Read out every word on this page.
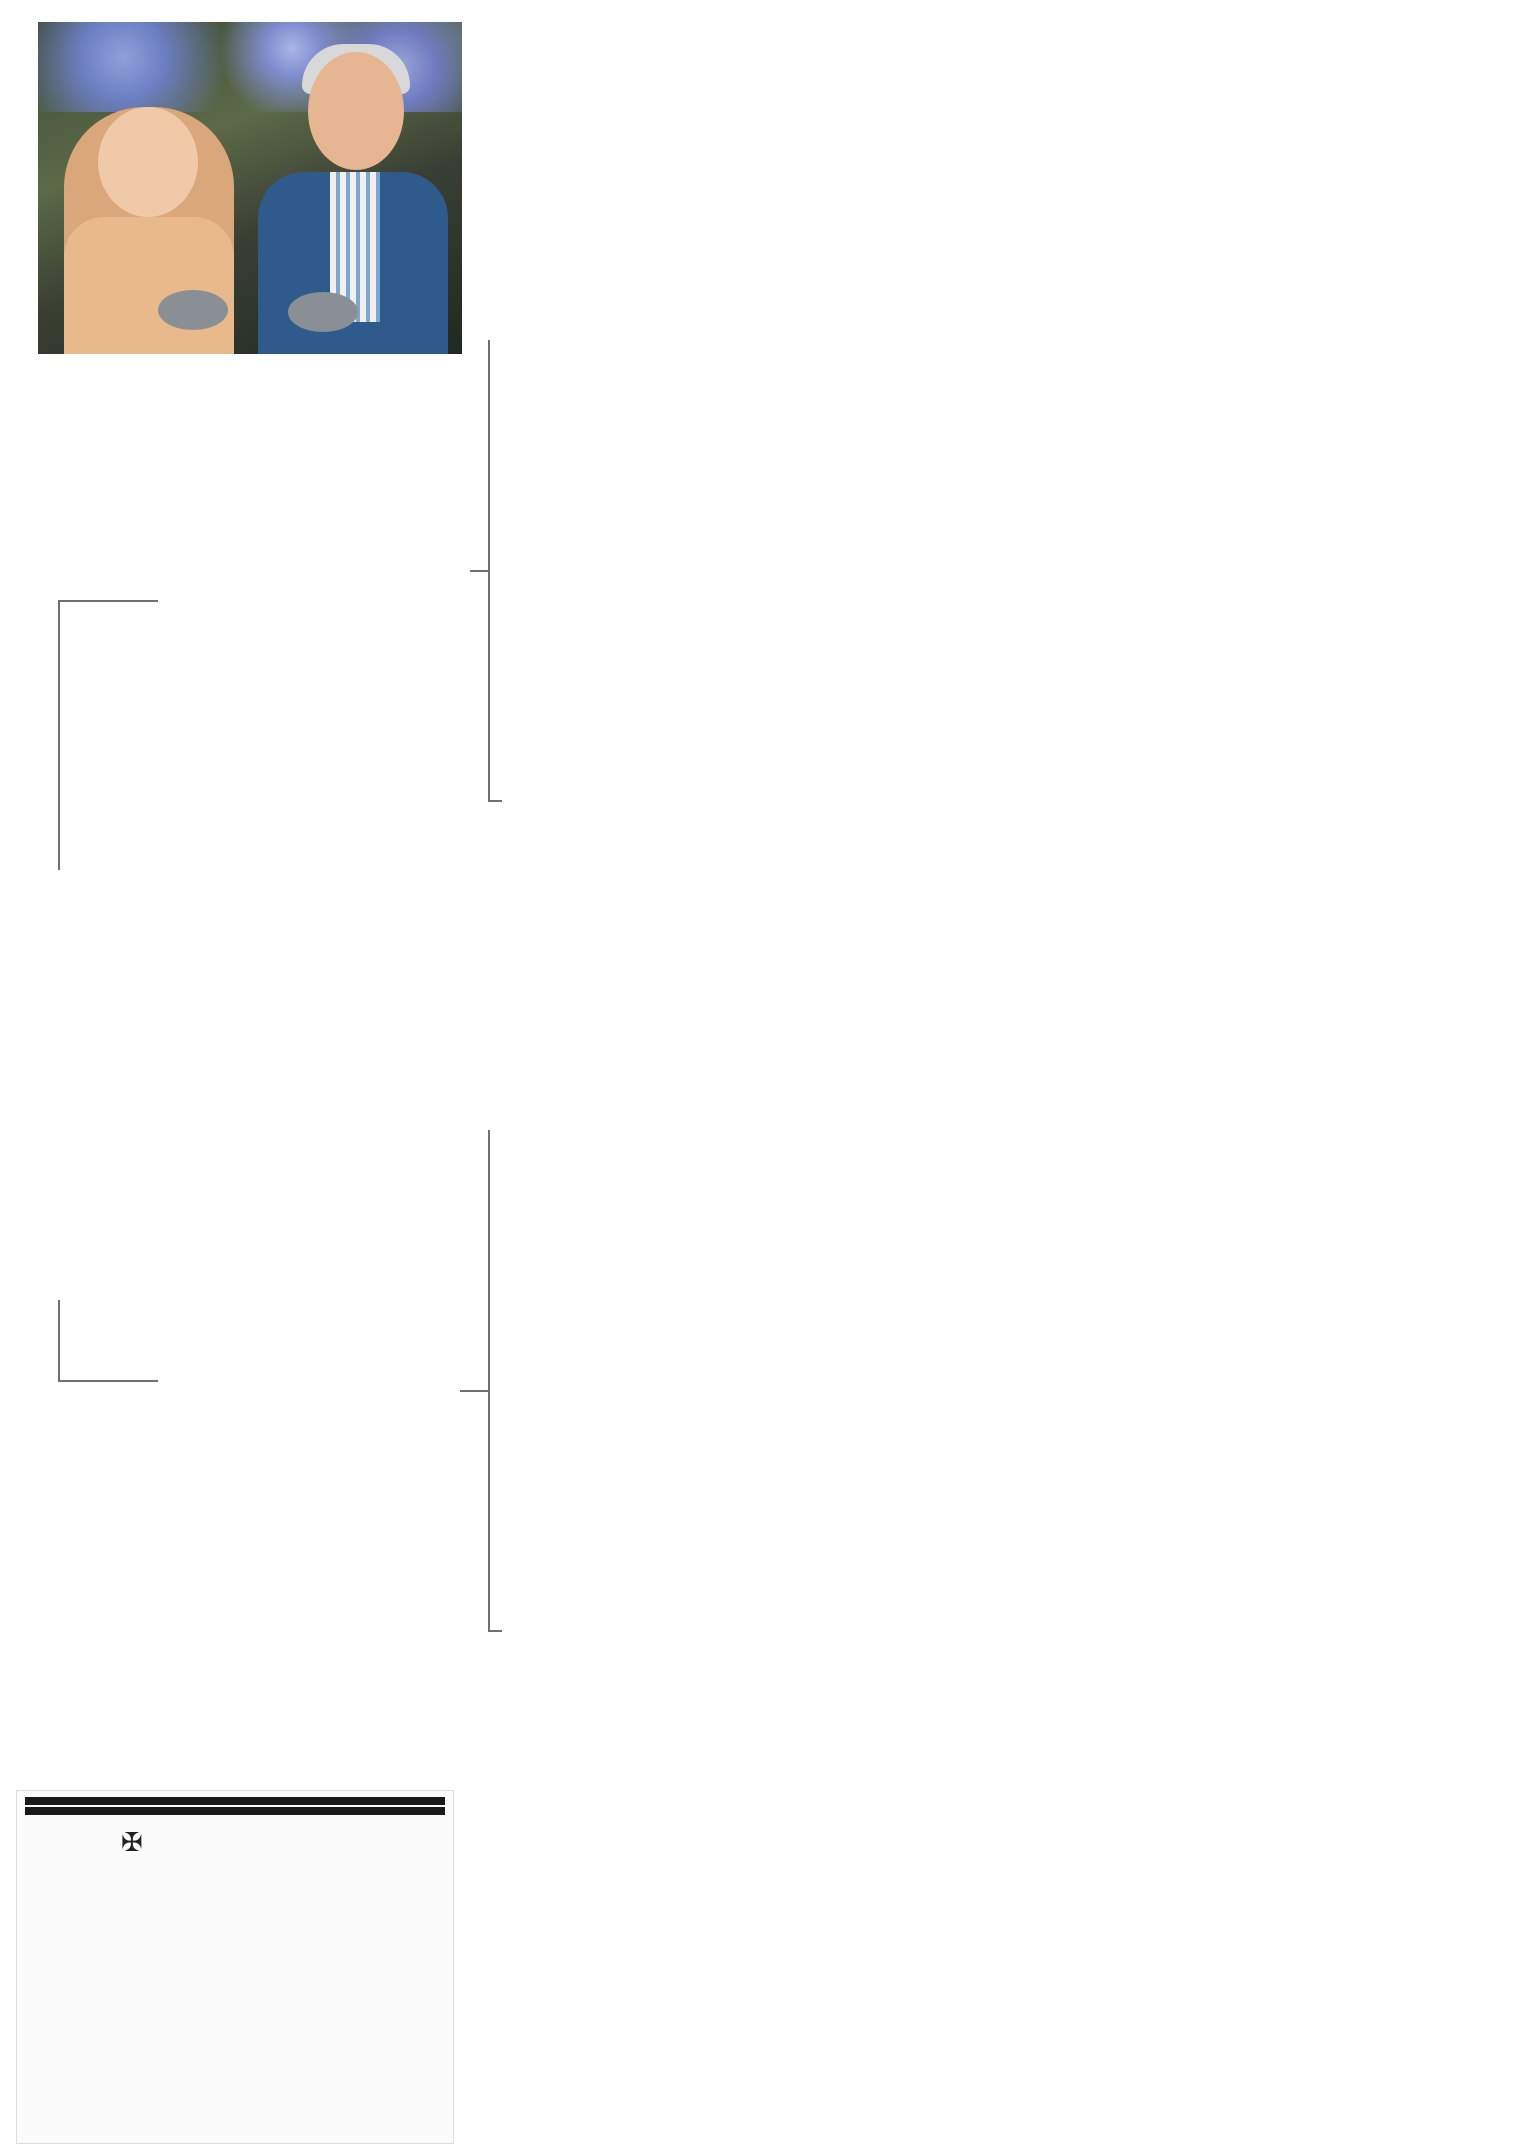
✠
